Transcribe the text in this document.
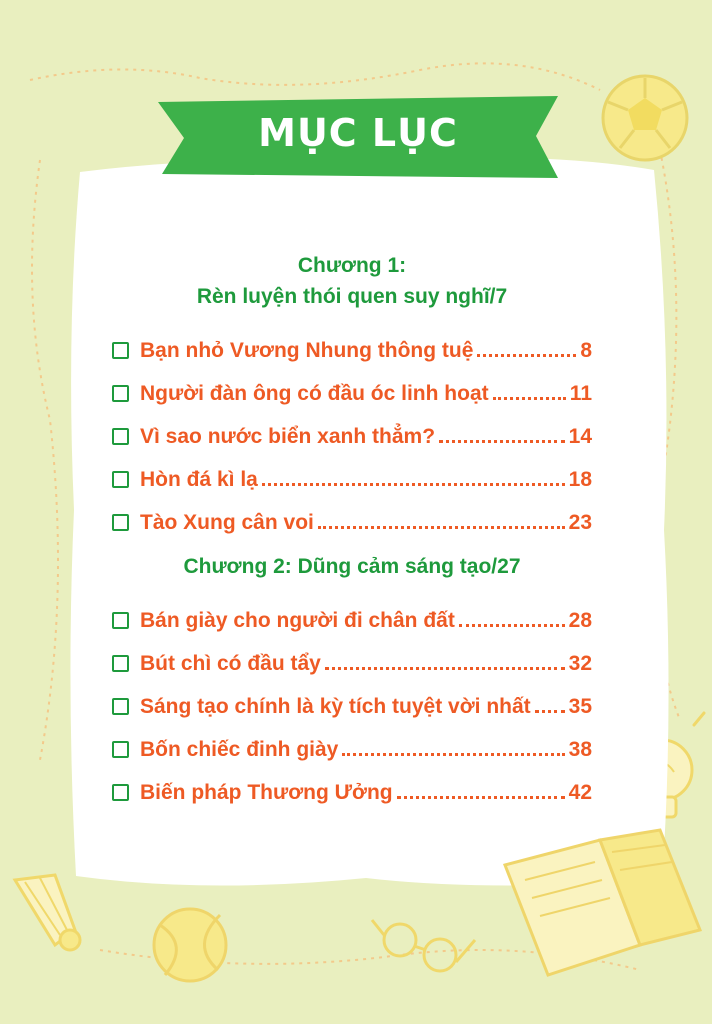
MỤC LỤC
Chương 1:
Rèn luyện thói quen suy nghĩ/7
Bạn nhỏ Vương Nhung thông tuệ	8
Người đàn ông có đầu óc linh hoạt	11
Vì sao nước biển xanh thẳm?	14
Hòn đá kì lạ	18
Tào Xung cân voi	23
Chương 2: Dũng cảm sáng tạo/27
Bán giày cho người đi chân đất	28
Bút chì có đầu tẩy	32
Sáng tạo chính là kỳ tích tuyệt vời nhất 35
Bốn chiếc đinh giày	38
Biến pháp Thương Ưởng	42
